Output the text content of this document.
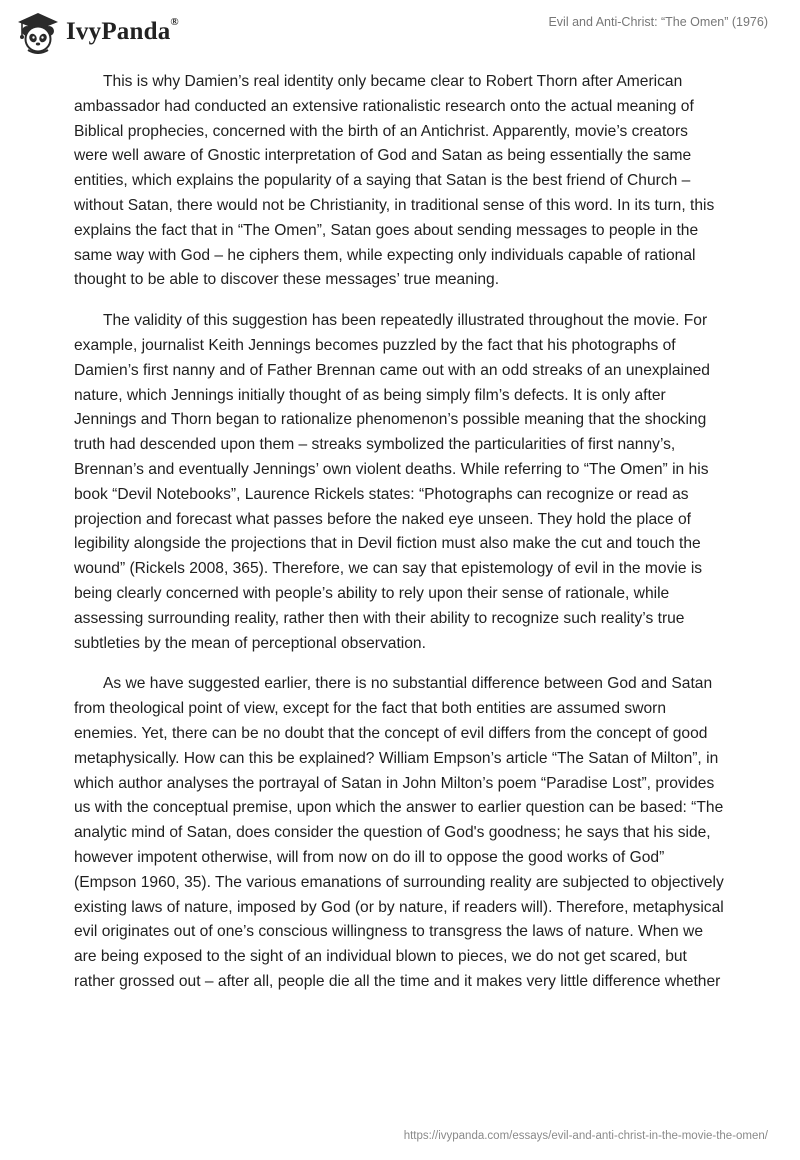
IvyPanda®	Evil and Anti-Christ: “The Omen” (1976)

This is why Damien’s real identity only became clear to Robert Thorn after American ambassador had conducted an extensive rationalistic research onto the actual meaning of Biblical prophecies, concerned with the birth of an Antichrist. Apparently, movie’s creators were well aware of Gnostic interpretation of God and Satan as being essentially the same entities, which explains the popularity of a saying that Satan is the best friend of Church – without Satan, there would not be Christianity, in traditional sense of this word. In its turn, this explains the fact that in “The Omen”, Satan goes about sending messages to people in the same way with God – he ciphers them, while expecting only individuals capable of rational thought to be able to discover these messages’ true meaning.

The validity of this suggestion has been repeatedly illustrated throughout the movie. For example, journalist Keith Jennings becomes puzzled by the fact that his photographs of Damien’s first nanny and of Father Brennan came out with an odd streaks of an unexplained nature, which Jennings initially thought of as being simply film’s defects. It is only after Jennings and Thorn began to rationalize phenomenon’s possible meaning that the shocking truth had descended upon them – streaks symbolized the particularities of first nanny’s, Brennan’s and eventually Jennings’ own violent deaths. While referring to “The Omen” in his book “Devil Notebooks”, Laurence Rickels states: “Photographs can recognize or read as projection and forecast what passes before the naked eye unseen. They hold the place of legibility alongside the projections that in Devil fiction must also make the cut and touch the wound” (Rickels 2008, 365). Therefore, we can say that epistemology of evil in the movie is being clearly concerned with people’s ability to rely upon their sense of rationale, while assessing surrounding reality, rather then with their ability to recognize such reality’s true subtleties by the mean of perceptional observation.

As we have suggested earlier, there is no substantial difference between God and Satan from theological point of view, except for the fact that both entities are assumed sworn enemies. Yet, there can be no doubt that the concept of evil differs from the concept of good metaphysically. How can this be explained? William Empson’s article “The Satan of Milton”, in which author analyses the portrayal of Satan in John Milton’s poem “Paradise Lost”, provides us with the conceptual premise, upon which the answer to earlier question can be based: “The analytic mind of Satan, does consider the question of God's goodness; he says that his side, however impotent otherwise, will from now on do ill to oppose the good works of God” (Empson 1960, 35). The various emanations of surrounding reality are subjected to objectively existing laws of nature, imposed by God (or by nature, if readers will). Therefore, metaphysical evil originates out of one’s conscious willingness to transgress the laws of nature. When we are being exposed to the sight of an individual blown to pieces, we do not get scared, but rather grossed out – after all, people die all the time and it makes very little difference whether

https://ivypanda.com/essays/evil-and-anti-christ-in-the-movie-the-omen/
